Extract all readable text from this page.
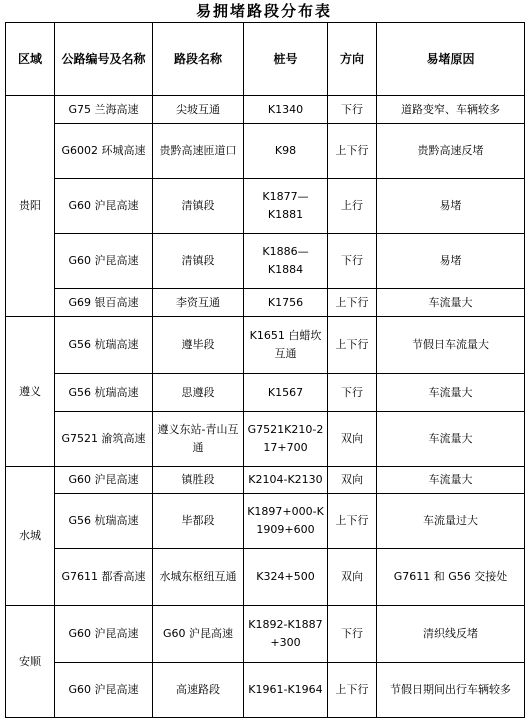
易拥堵路段分布表
区域	公路编号及名称	路段名称	桩号	方向	易堵原因
贵阳	G75 兰海高速	尖坡互通	K1340	下行	道路变窄、车辆较多
	G6002 环城高速	贵黔高速匝道口	K98	上下行	贵黔高速反堵
	G60 沪昆高速	清镇段	K1877—K1881	上行	易堵
	G60 沪昆高速	清镇段	K1886—K1884	下行	易堵
	G69 银百高速	李资互通	K1756	上下行	车流量大
遵义	G56 杭瑞高速	遵毕段	K1651 白蜡坎互通	上下行	节假日车流量大
	G56 杭瑞高速	思遵段	K1567	下行	车流量大
	G7521 渝筑高速	遵义东站-青山互通	G7521K210-217+700	双向	车流量大
水城	G60 沪昆高速	镇胜段	K2104-K2130	双向	车流量大
	G56 杭瑞高速	毕都段	K1897+000-K1909+600	上下行	车流量过大
	G7611 都香高速	水城东枢纽互通	K324+500	双向	G7611 和 G56 交接处
安顺	G60 沪昆高速	G60 沪昆高速	K1892-K1887+300	下行	清织线反堵
	G60 沪昆高速	高速路段	K1961-K1964	上下行	节假日期间出行车辆较多
